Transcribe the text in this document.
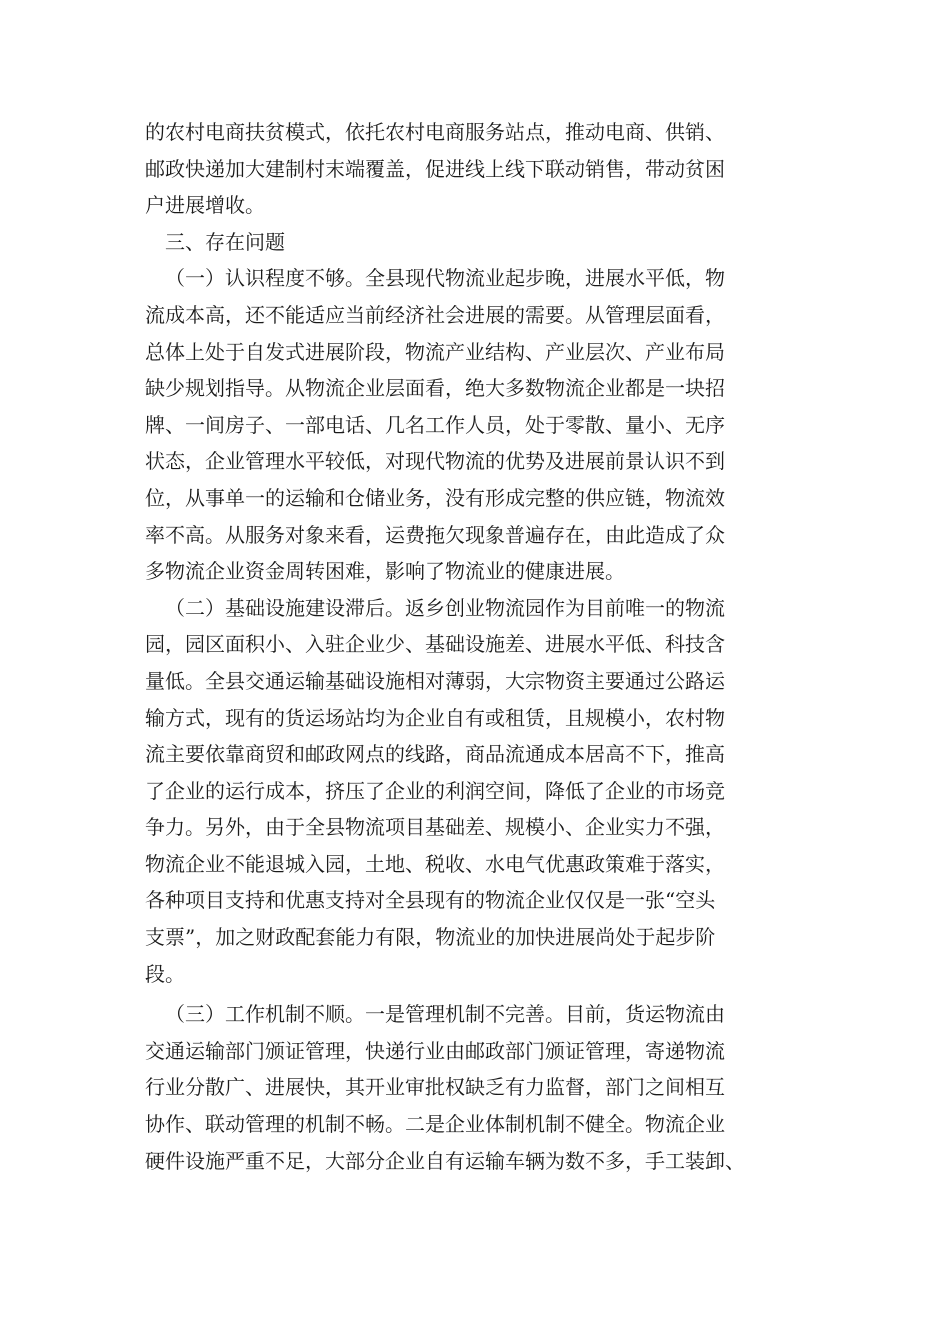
的农村电商扶贫模式，依托农村电商服务站点，推动电商、供销、
邮政快递加大建制村末端覆盖，促进线上线下联动销售，带动贫困
户进展增收。
三、存在问题
（一）认识程度不够。全县现代物流业起步晚，进展水平低，物
流成本高，还不能适应当前经济社会进展的需要。从管理层面看，
总体上处于自发式进展阶段，物流产业结构、产业层次、产业布局
缺少规划指导。从物流企业层面看，绝大多数物流企业都是一块招
牌、一间房子、一部电话、几名工作人员，处于零散、量小、无序
状态，企业管理水平较低，对现代物流的优势及进展前景认识不到
位，从事单一的运输和仓储业务，没有形成完整的供应链，物流效
率不高。从服务对象来看，运费拖欠现象普遍存在，由此造成了众
多物流企业资金周转困难，影响了物流业的健康进展。
（二）基础设施建设滞后。返乡创业物流园作为目前唯一的物流
园，园区面积小、入驻企业少、基础设施差、进展水平低、科技含
量低。全县交通运输基础设施相对薄弱，大宗物资主要通过公路运
输方式，现有的货运场站均为企业自有或租赁，且规模小，农村物
流主要依靠商贸和邮政网点的线路，商品流通成本居高不下，推高
了企业的运行成本，挤压了企业的利润空间，降低了企业的市场竞
争力。另外，由于全县物流项目基础差、规模小、企业实力不强，
物流企业不能退城入园，土地、税收、水电气优惠政策难于落实，
各种项目支持和优惠支持对全县现有的物流企业仅仅是一张“空头
支票”，加之财政配套能力有限，物流业的加快进展尚处于起步阶
段。
（三）工作机制不顺。一是管理机制不完善。目前，货运物流由
交通运输部门颁证管理，快递行业由邮政部门颁证管理，寄递物流
行业分散广、进展快，其开业审批权缺乏有力监督，部门之间相互
协作、联动管理的机制不畅。二是企业体制机制不健全。物流企业
硬件设施严重不足，大部分企业自有运输车辆为数不多，手工装卸、
